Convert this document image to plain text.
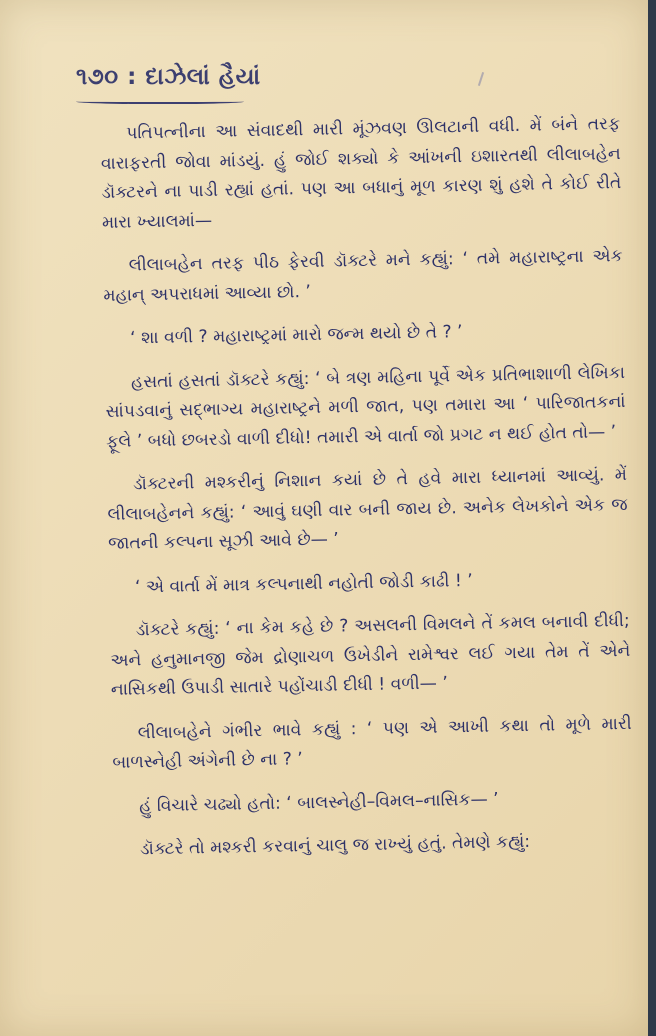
૧૭૦ : દાઝેલાં હૈયાં

પતિપત્નીના આ સંવાદથી મારી મૂંઝવણ ઊલટાની વધી. મેં બંને તરફ વારાફરતી જોવા માંડયું. હું જોઈ શક્યો કે આંખની ઇશારતથી લીલાબહેન ડૉક્ટરને ના પાડી રહ્યાં હતાં. પણ આ બધાનું મૂળ કારણ શું હશે તે કોઈ રીતે મારા ખ્યાલમાં—

લીલાબહેન તરફ પીઠ ફેરવી ડૉક્ટરે મને કહ્યું: ‘ તમે મહારાષ્ટ્રના એક મહાન્ અપરાધમાં આવ્યા છો. ’

‘ શા વળી ? મહારાષ્ટ્રમાં મારો જન્મ થયો છે તે ? ’

હસતાં હસતાં ડૉક્ટરે કહ્યું: ‘ બે ત્રણ મહિના પૂર્વે એક પ્રતિભાશાળી લેખિકા સાંપડવાનું સદ્ભાગ્ય મહારાષ્ટ્રને મળી જાત, પણ તમારા આ ‘ પારિજાતકનાં ફૂલે ’ બધો છબરડો વાળી દીધો! તમારી એ વાર્તા જો પ્રગટ ન થઈ હોત તો— ’

ડૉક્ટરની મશ્કરીનું નિશાન કયાં છે તે હવે મારા ધ્યાનમાં આવ્યું. મેં લીલાબહેનને કહ્યું: ‘ આવું ઘણી વાર બની જાય છે. અનેક લેખકોને એક જ જાતની કલ્પના સૂઝી આવે છે— ’

‘ એ વાર્તા મેં માત્ર કલ્પનાથી નહોતી જોડી કાઢી ! ’

ડૉક્ટરે કહ્યું: ‘ ના કેમ કહે છે ? અસલની વિમલને તેં કમલ બનાવી દીધી; અને હનુમાનજી જેમ દ્રોણાચળ ઉખેડીને રામેશ્વર લઈ ગયા તેમ તેં એને નાસિકથી ઉપાડી સાતારે પહોંચાડી દીધી ! વળી— ’

લીલાબહેને ગંભીર ભાવે કહ્યું : ‘ પણ એ આખી કથા તો મૂળે મારી બાળસ્નેહી અંગેની છે ના ? ’

હું વિચારે ચઢ્યો હતો: ‘ બાલસ્નેહી–વિમલ–નાસિક— ’

ડૉક્ટરે તો મશ્કરી કરવાનું ચાલુ જ રાખ્યું હતું. તેમણે કહ્યું:
